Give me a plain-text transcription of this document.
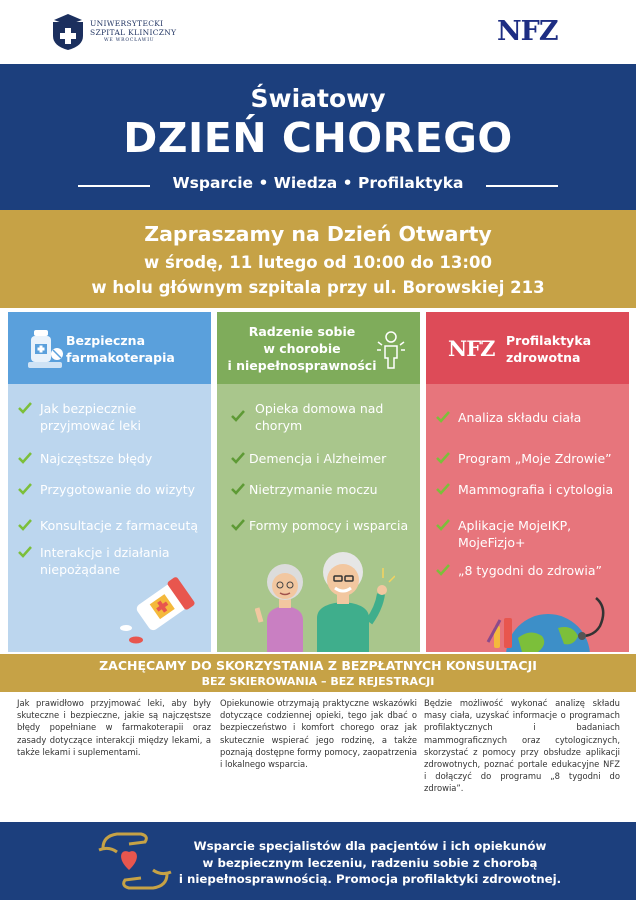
UNIWERSYTECKI
SZPITAL KLINICZNY
WE WROCŁAWIU	NFZ
Światowy
DZIEŃ CHOREGO
Wsparcie • Wiedza • Profilaktyka
Zapraszamy na Dzień Otwarty
w środę, 11 lutego od 10:00 do 13:00
w holu głównym szpitala przy ul. Borowskiej 213
Bezpieczna
farmakoterapia
Jak bezpiecznie przyjmować leki
Najczęstsze błędy
Przygotowanie do wizyty
Konsultacje z farmaceutą
Interakcje i działania niepożądane
Radzenie sobie
w chorobie
i niepełnosprawności
Opieka domowa nad chorym
Demencja i Alzheimer
Nietrzymanie moczu
Formy pomocy i wsparcia
NFZ Profilaktyka
zdrowotna
Analiza składu ciała
Program „Moje Zdrowie”
Mammografia i cytologia
Aplikacje MojeIKP, MojeFizjo+
„8 tygodni do zdrowia”
ZACHĘCAMY DO SKORZYSTANIA Z BEZPŁATNYCH KONSULTACJI
BEZ SKIEROWANIA – BEZ REJESTRACJI
Jak prawidłowo przyjmować leki, aby były skuteczne i bezpieczne, jakie są najczęstsze błędy popełniane w farmakoterapii oraz zasady dotyczące interakcji między lekami, a także lekami i suplementami.
Opiekunowie otrzymają praktyczne wskazówki dotyczące codziennej opieki, tego jak dbać o bezpieczeństwo i komfort chorego oraz jak skutecznie wspierać jego rodzinę, a także poznają dostępne formy pomocy, zaopatrzenia i lokalnego wsparcia.
Będzie możliwość wykonać analizę składu masy ciała, uzyskać informacje o programach profilaktycznych i badaniach mammograficznych oraz cytologicznych, skorzystać z pomocy przy obsłudze aplikacji zdrowotnych, poznać portale edukacyjne NFZ i dołączyć do programu „8 tygodni do zdrowia”.
Wsparcie specjalistów dla pacjentów i ich opiekunów
w bezpiecznym leczeniu, radzeniu sobie z chorobą
i niepełnosprawnością. Promocja profilaktyki zdrowotnej.
